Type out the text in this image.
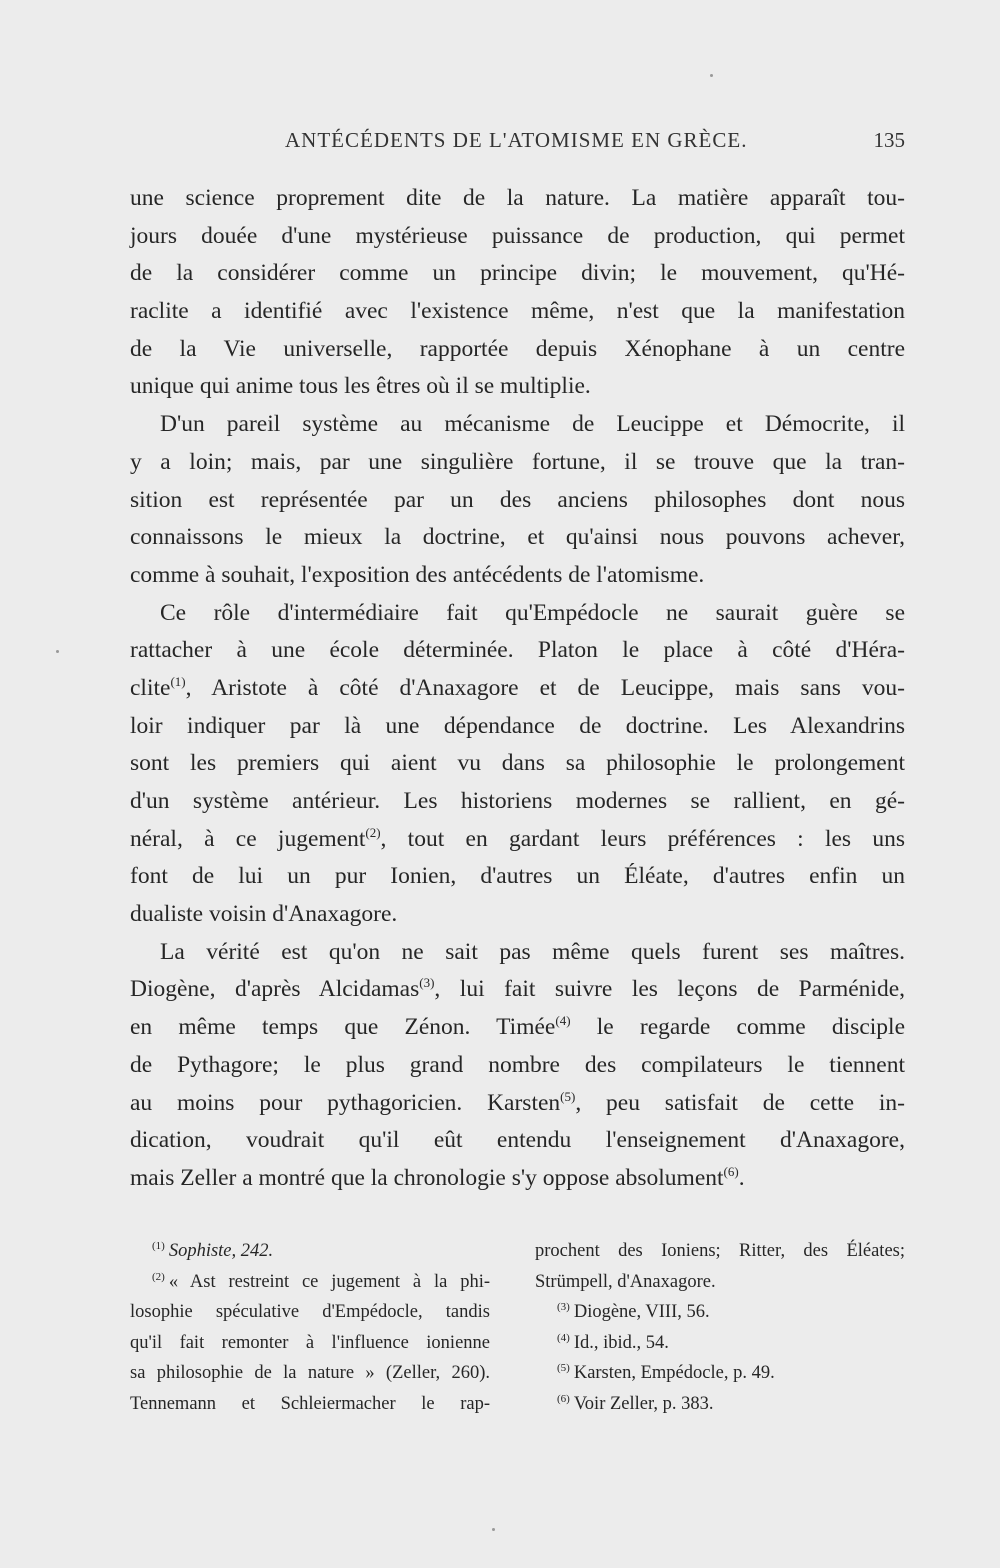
ANTÉCÉDENTS DE L'ATOMISME EN GRÈCE.	135
une science proprement dite de la nature. La matière apparaît tou-
jours douée d'une mystérieuse puissance de production, qui permet
de la considérer comme un principe divin; le mouvement, qu'Hé-
raclite a identifié avec l'existence même, n'est que la manifestation
de la Vie universelle, rapportée depuis Xénophane à un centre
unique qui anime tous les êtres où il se multiplie.
D'un pareil système au mécanisme de Leucippe et Démocrite, il
y a loin; mais, par une singulière fortune, il se trouve que la tran-
sition est représentée par un des anciens philosophes dont nous
connaissons le mieux la doctrine, et qu'ainsi nous pouvons achever,
comme à souhait, l'exposition des antécédents de l'atomisme.
Ce rôle d'intermédiaire fait qu'Empédocle ne saurait guère se
rattacher à une école déterminée. Platon le place à côté d'Héra-
clite$^{(1)}$, Aristote à côté d'Anaxagore et de Leucippe, mais sans vou-
loir indiquer par là une dépendance de doctrine. Les Alexandrins
sont les premiers qui aient vu dans sa philosophie le prolongement
d'un système antérieur. Les historiens modernes se rallient, en gé-
néral, à ce jugement$^{(2)}$, tout en gardant leurs préférences : les uns
font de lui un pur Ionien, d'autres un Éléate, d'autres enfin un
dualiste voisin d'Anaxagore.
La vérité est qu'on ne sait pas même quels furent ses maîtres.
Diogène, d'après Alcidamas$^{(3)}$, lui fait suivre les leçons de Parménide,
en même temps que Zénon. Timée$^{(4)}$ le regarde comme disciple
de Pythagore; le plus grand nombre des compilateurs le tiennent
au moins pour pythagoricien. Karsten$^{(5)}$, peu satisfait de cette in-
dication, voudrait qu'il eût entendu l'enseignement d'Anaxagore,
mais Zeller a montré que la chronologie s'y oppose absolument$^{(6)}$.
$^{(1)}$ Sophiste, 242.
$^{(2)}$ « Ast restreint ce jugement à la phi-
losophie spéculative d'Empédocle, tandis
qu'il fait remonter à l'influence ionienne
sa philosophie de la nature » (Zeller, 260).
Tennemann et Schleiermacher le rap-
prochent des Ioniens; Ritter, des Éléates;
Strümpell, d'Anaxagore.
$^{(3)}$ Diogène, VIII, 56.
$^{(4)}$ Id., ibid., 54.
$^{(5)}$ Karsten, Empédocle, p. 49.
$^{(6)}$ Voir Zeller, p. 383.
